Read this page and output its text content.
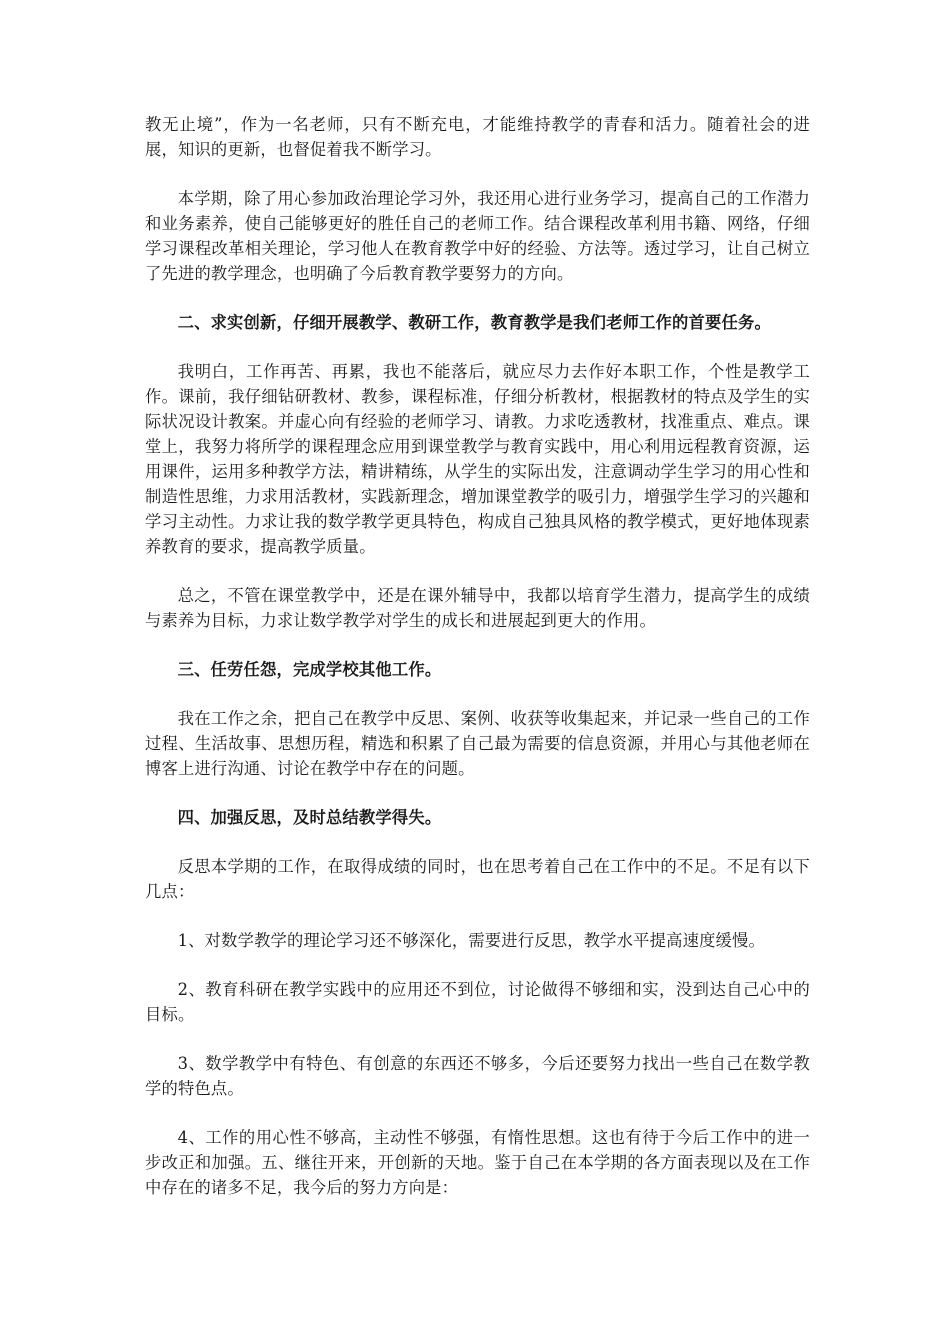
教无止境”，作为一名老师，只有不断充电，才能维持教学的青春和活力。随着社会的进展，知识的更新，也督促着我不断学习。

本学期，除了用心参加政治理论学习外，我还用心进行业务学习，提高自己的工作潜力和业务素养，使自己能够更好的胜任自己的老师工作。结合课程改革利用书籍、网络，仔细学习课程改革相关理论，学习他人在教育教学中好的经验、方法等。透过学习，让自己树立了先进的教学理念，也明确了今后教育教学要努力的方向。

二、求实创新，仔细开展教学、教研工作，教育教学是我们老师工作的首要任务。

我明白，工作再苦、再累，我也不能落后，就应尽力去作好本职工作，个性是教学工作。课前，我仔细钻研教材、教参，课程标准，仔细分析教材，根据教材的特点及学生的实际状况设计教案。并虚心向有经验的老师学习、请教。力求吃透教材，找准重点、难点。课堂上，我努力将所学的课程理念应用到课堂教学与教育实践中，用心利用远程教育资源，运用课件，运用多种教学方法，精讲精练，从学生的实际出发，注意调动学生学习的用心性和制造性思维，力求用活教材，实践新理念，增加课堂教学的吸引力，增强学生学习的兴趣和学习主动性。力求让我的数学教学更具特色，构成自己独具风格的教学模式，更好地体现素养教育的要求，提高教学质量。

总之，不管在课堂教学中，还是在课外辅导中，我都以培育学生潜力，提高学生的成绩与素养为目标，力求让数学教学对学生的成长和进展起到更大的作用。

三、任劳任怨，完成学校其他工作。

我在工作之余，把自己在教学中反思、案例、收获等收集起来，并记录一些自己的工作过程、生活故事、思想历程，精选和积累了自己最为需要的信息资源，并用心与其他老师在博客上进行沟通、讨论在教学中存在的问题。

四、加强反思，及时总结教学得失。

反思本学期的工作，在取得成绩的同时，也在思考着自己在工作中的不足。不足有以下几点：

1、对数学教学的理论学习还不够深化，需要进行反思，教学水平提高速度缓慢。

2、教育科研在教学实践中的应用还不到位，讨论做得不够细和实，没到达自己心中的目标。

3、数学教学中有特色、有创意的东西还不够多，今后还要努力找出一些自己在数学教学的特色点。

4、工作的用心性不够高，主动性不够强，有惰性思想。这也有待于今后工作中的进一步改正和加强。五、继往开来，开创新的天地。鉴于自己在本学期的各方面表现以及在工作中存在的诸多不足，我今后的努力方向是：
